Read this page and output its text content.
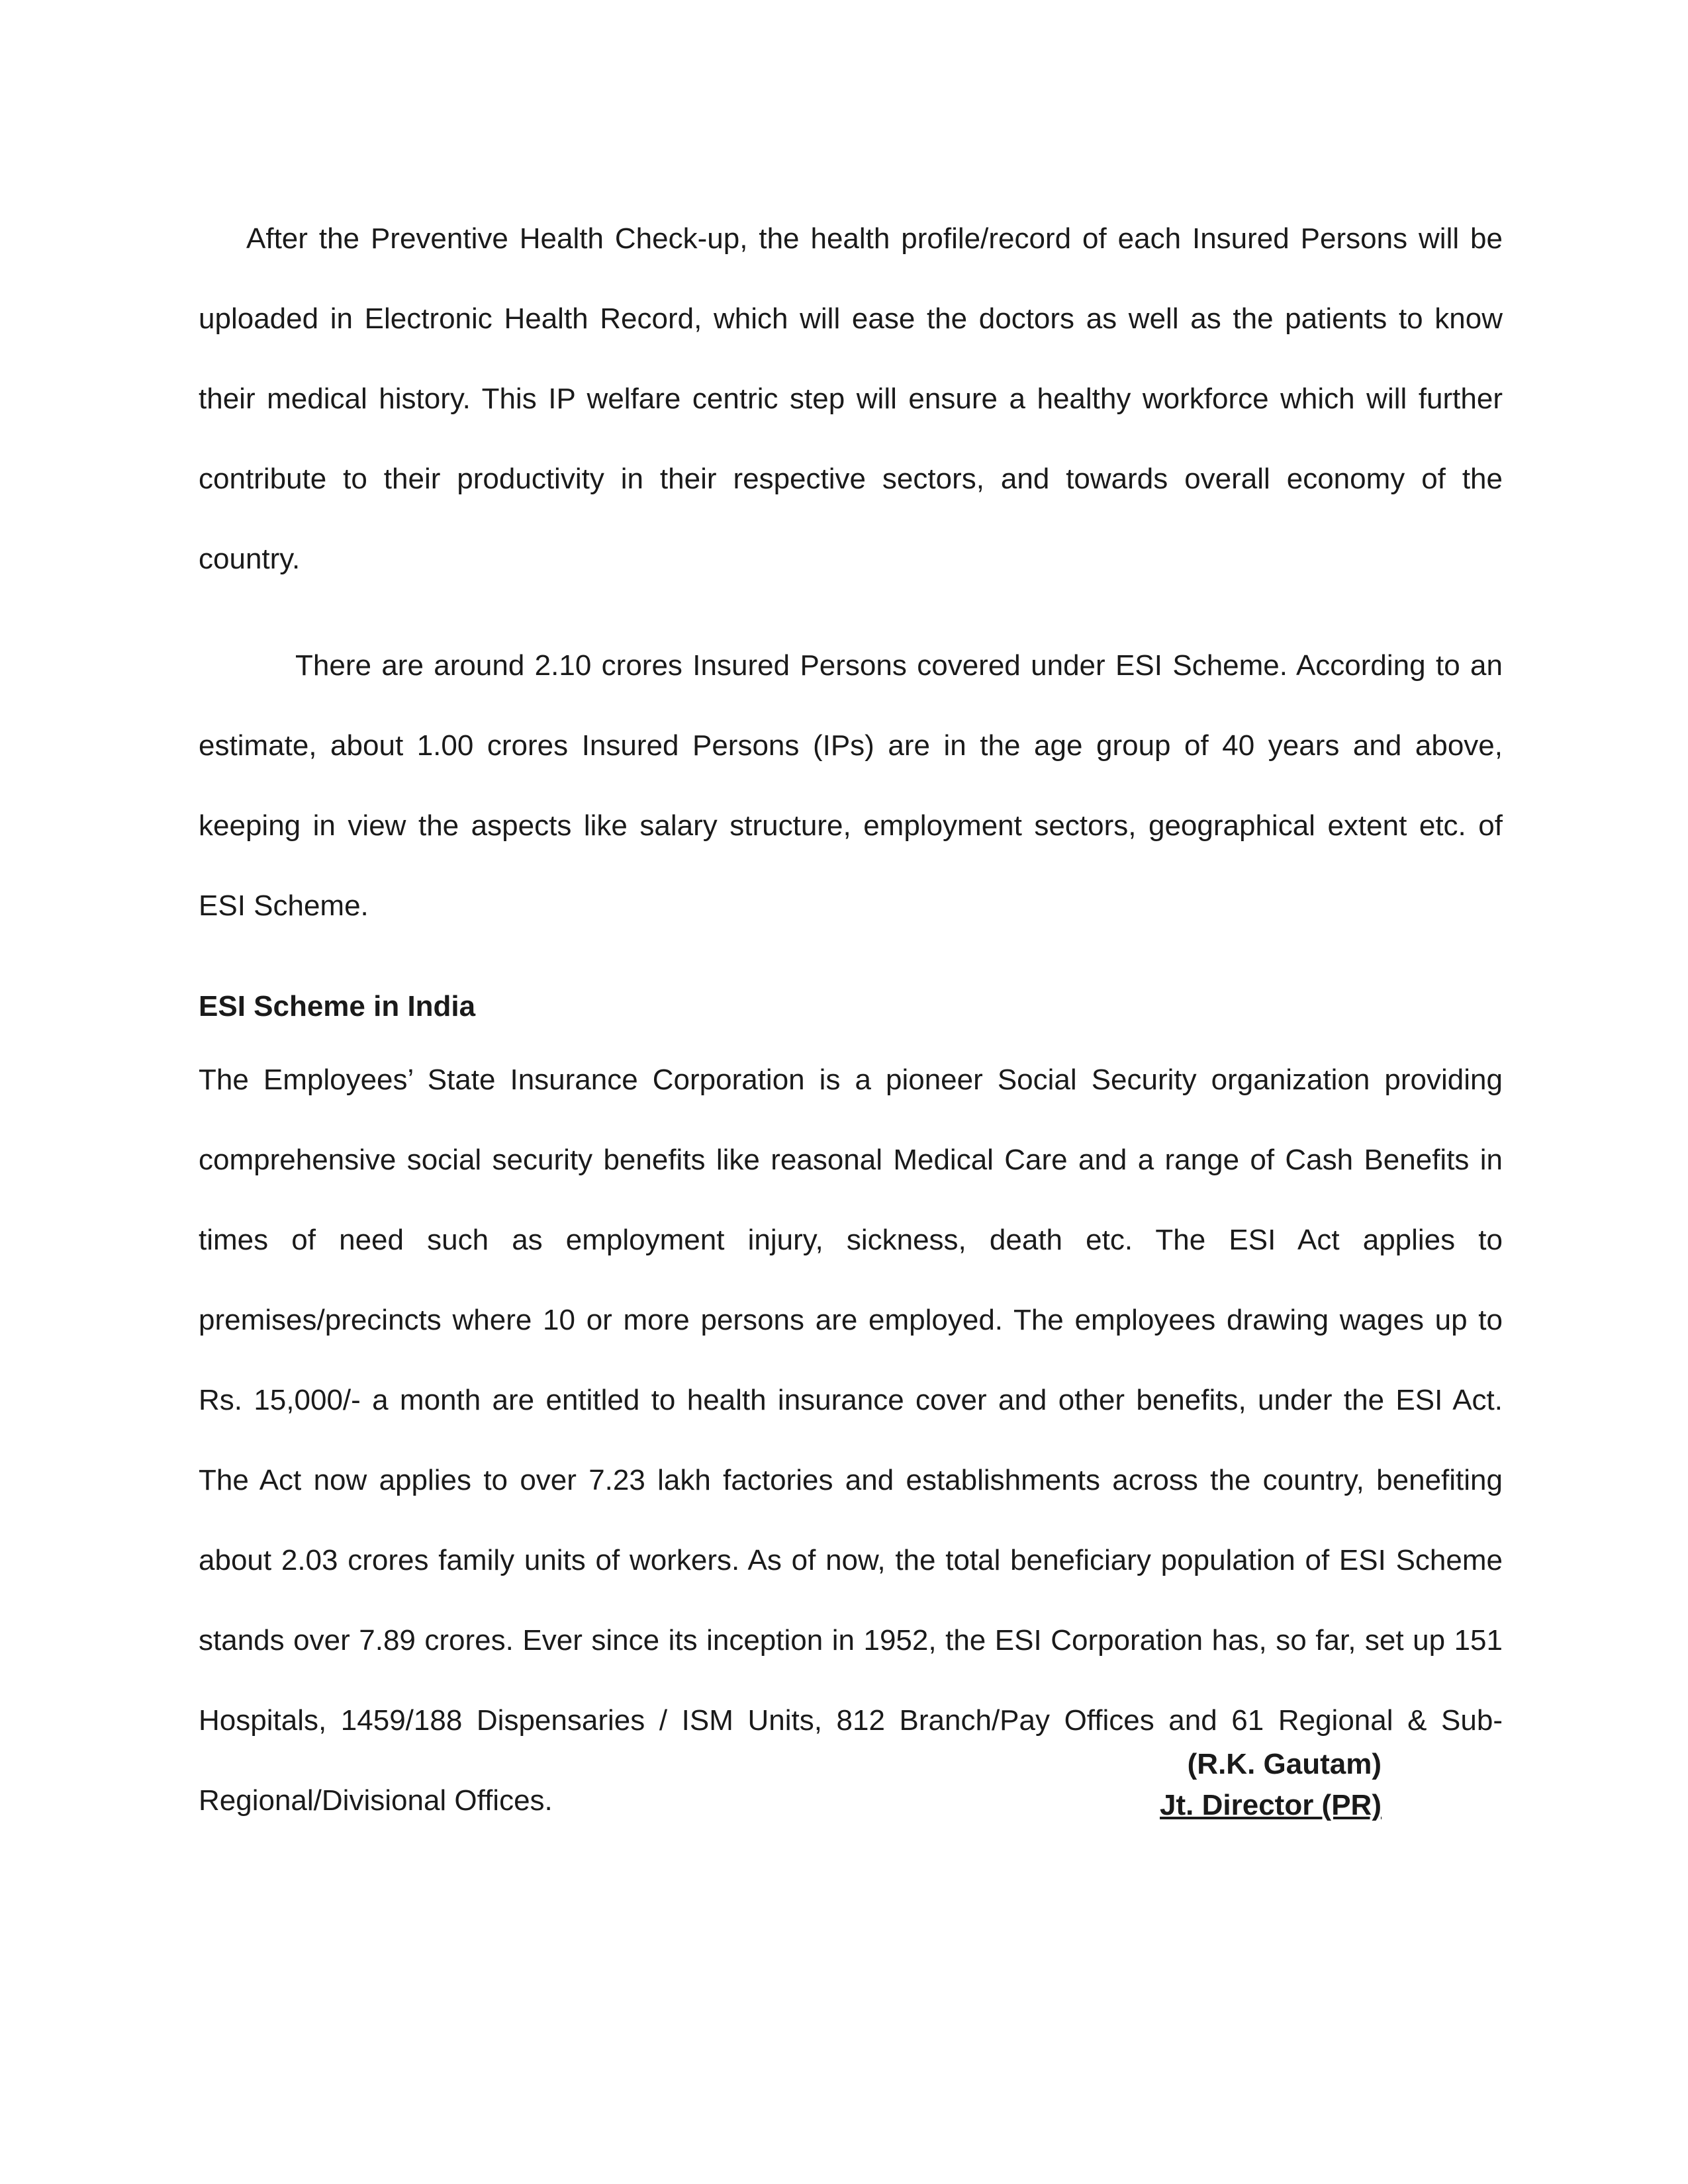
After the Preventive Health Check-up, the health profile/record of each Insured Persons will be uploaded in Electronic Health Record, which will ease the doctors as well as the patients to know their medical history. This IP welfare centric step will ensure a healthy workforce which will further contribute to their productivity in their respective sectors, and towards overall economy of the country.

There are around 2.10 crores Insured Persons covered under ESI Scheme. According to an estimate, about 1.00 crores Insured Persons (IPs) are in the age group of 40 years and above, keeping in view the aspects like salary structure, employment sectors, geographical extent etc. of ESI Scheme.

ESI Scheme in India

The Employees’ State Insurance Corporation is a pioneer Social Security organization providing comprehensive social security benefits like reasonal Medical Care and a range of Cash Benefits in times of need such as employment injury, sickness, death etc. The ESI Act applies to premises/precincts where 10 or more persons are employed. The employees drawing wages up to Rs. 15,000/- a month are entitled to health insurance cover and other benefits, under the ESI Act. The Act now applies to over 7.23 lakh factories and establishments across the country, benefiting about 2.03 crores family units of workers. As of now, the total beneficiary population of ESI Scheme stands over 7.89 crores. Ever since its inception in 1952, the ESI Corporation has, so far, set up 151 Hospitals, 1459/188 Dispensaries / ISM Units, 812 Branch/Pay Offices and 61 Regional & Sub-Regional/Divisional Offices.

(R.K. Gautam)
Jt. Director (PR)
